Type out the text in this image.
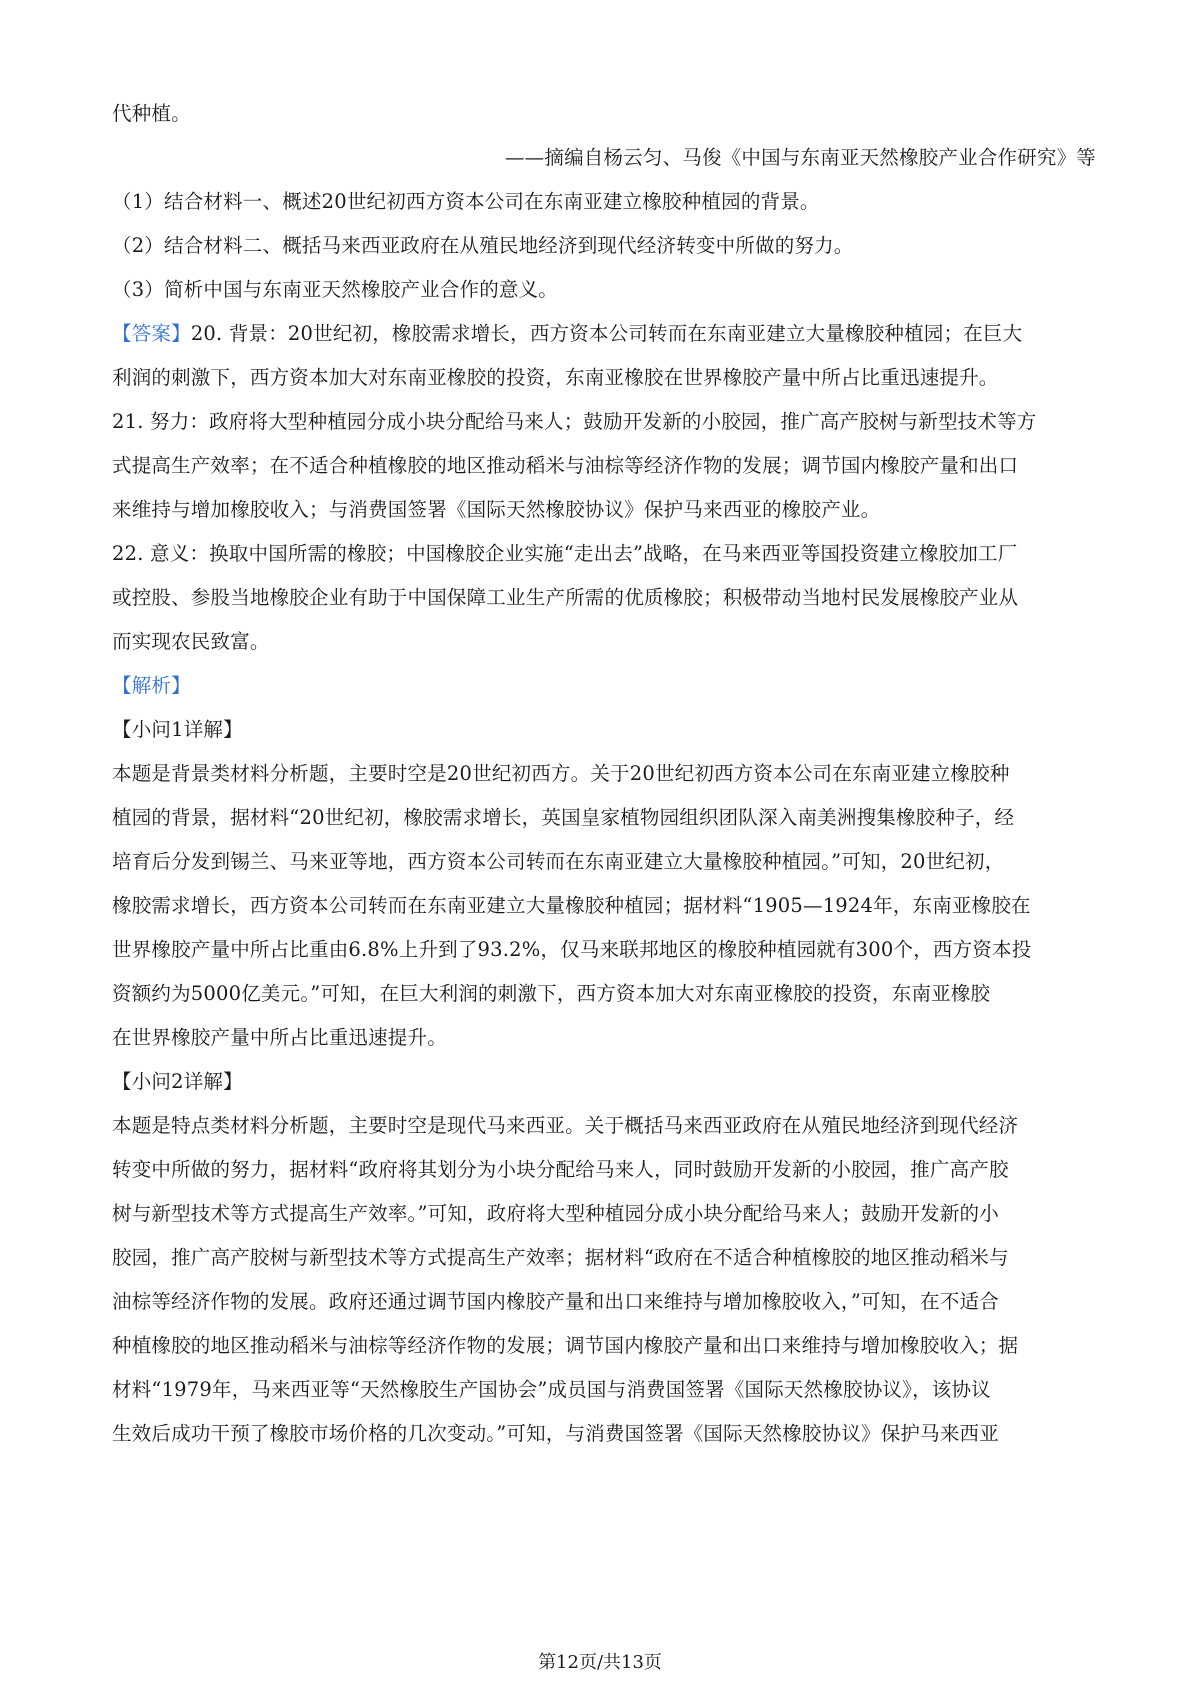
代种植。
——摘编自杨云匀、马俊《中国与东南亚天然橡胶产业合作研究》等
（1）结合材料一、概述20世纪初西方资本公司在东南亚建立橡胶种植园的背景。
（2）结合材料二、概括马来西亚政府在从殖民地经济到现代经济转变中所做的努力。
（3）简析中国与东南亚天然橡胶产业合作的意义。
【答案】20. 背景：20世纪初，橡胶需求增长，西方资本公司转而在东南亚建立大量橡胶种植园；在巨大
利润的刺激下，西方资本加大对东南亚橡胶的投资，东南亚橡胶在世界橡胶产量中所占比重迅速提升。
21. 努力：政府将大型种植园分成小块分配给马来人；鼓励开发新的小胶园，推广高产胶树与新型技术等方
式提高生产效率；在不适合种植橡胶的地区推动稻米与油棕等经济作物的发展；调节国内橡胶产量和出口
来维持与增加橡胶收入；与消费国签署《国际天然橡胶协议》保护马来西亚的橡胶产业。
22. 意义：换取中国所需的橡胶；中国橡胶企业实施“走出去”战略，在马来西亚等国投资建立橡胶加工厂
或控股、参股当地橡胶企业有助于中国保障工业生产所需的优质橡胶；积极带动当地村民发展橡胶产业从
而实现农民致富。
【解析】
【小问1详解】
本题是背景类材料分析题，主要时空是20世纪初西方。关于20世纪初西方资本公司在东南亚建立橡胶种
植园的背景，据材料“20世纪初，橡胶需求增长，英国皇家植物园组织团队深入南美洲搜集橡胶种子，经
培育后分发到锡兰、马来亚等地，西方资本公司转而在东南亚建立大量橡胶种植园。”可知，20世纪初，
橡胶需求增长，西方资本公司转而在东南亚建立大量橡胶种植园；据材料“1905—1924年，东南亚橡胶在
世界橡胶产量中所占比重由6.8%上升到了93.2%，仅马来联邦地区的橡胶种植园就有300个，西方资本投
资额约为5000亿美元。”可知，在巨大利润的刺激下，西方资本加大对东南亚橡胶的投资，东南亚橡胶
在世界橡胶产量中所占比重迅速提升。
【小问2详解】
本题是特点类材料分析题，主要时空是现代马来西亚。关于概括马来西亚政府在从殖民地经济到现代经济
转变中所做的努力，据材料“政府将其划分为小块分配给马来人，同时鼓励开发新的小胶园，推广高产胶
树与新型技术等方式提高生产效率。”可知，政府将大型种植园分成小块分配给马来人；鼓励开发新的小
胶园，推广高产胶树与新型技术等方式提高生产效率；据材料“政府在不适合种植橡胶的地区推动稻米与
油棕等经济作物的发展。政府还通过调节国内橡胶产量和出口来维持与增加橡胶收入，”可知，在不适合
种植橡胶的地区推动稻米与油棕等经济作物的发展；调节国内橡胶产量和出口来维持与增加橡胶收入；据
材料“1979年，马来西亚等“天然橡胶生产国协会”成员国与消费国签署《国际天然橡胶协议》，该协议
生效后成功干预了橡胶市场价格的几次变动。”可知，与消费国签署《国际天然橡胶协议》保护马来西亚
第12页/共13页
